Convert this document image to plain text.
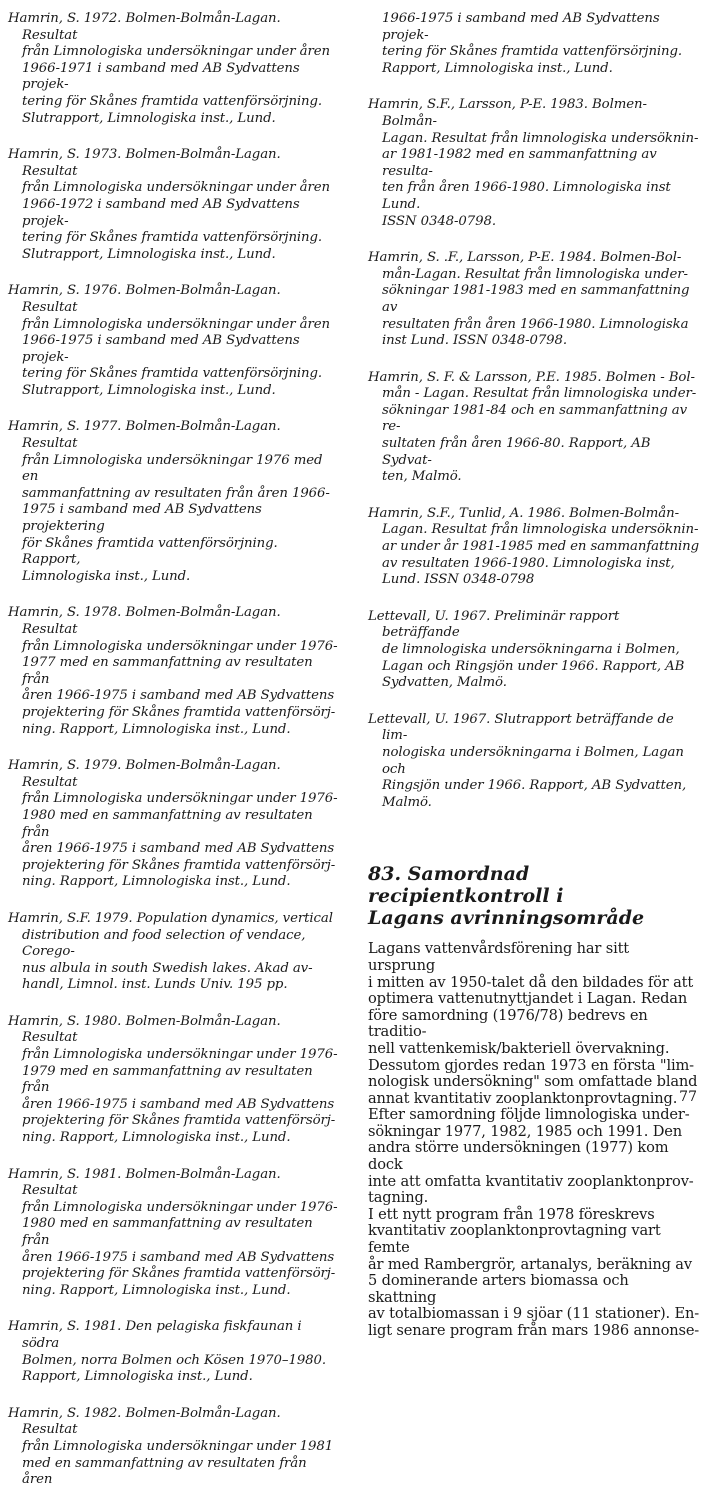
Hamrin, S. 1972. Bolmen-Bolmån-Lagan. Resultat
från Limnologiska undersökningar under åren
1966-1971 i samband med AB Sydvattens projek-
tering för Skånes framtida vattenförsörjning.
Slutrapport, Limnologiska inst., Lund.

Hamrin, S. 1973. Bolmen-Bolmån-Lagan. Resultat
från Limnologiska undersökningar under åren
1966-1972 i samband med AB Sydvattens projek-
tering för Skånes framtida vattenförsörjning.
Slutrapport, Limnologiska inst., Lund.

Hamrin, S. 1976. Bolmen-Bolmån-Lagan. Resultat
från Limnologiska undersökningar under åren
1966-1975 i samband med AB Sydvattens projek-
tering för Skånes framtida vattenförsörjning.
Slutrapport, Limnologiska inst., Lund.

Hamrin, S. 1977. Bolmen-Bolmån-Lagan. Resultat
från Limnologiska undersökningar 1976 med en
sammanfattning av resultaten från åren 1966-
1975 i samband med AB Sydvattens projektering
för Skånes framtida vattenförsörjning. Rapport,
Limnologiska inst., Lund.

Hamrin, S. 1978. Bolmen-Bolmån-Lagan. Resultat
från Limnologiska undersökningar under 1976-
1977 med en sammanfattning av resultaten från
åren 1966-1975 i samband med AB Sydvattens
projektering för Skånes framtida vattenförsörj-
ning. Rapport, Limnologiska inst., Lund.

Hamrin, S. 1979. Bolmen-Bolmån-Lagan. Resultat
från Limnologiska undersökningar under 1976-
1980 med en sammanfattning av resultaten från
åren 1966-1975 i samband med AB Sydvattens
projektering för Skånes framtida vattenförsörj-
ning. Rapport, Limnologiska inst., Lund.

Hamrin, S.F. 1979. Population dynamics, vertical
distribution and food selection of vendace, Corego-
nus albula in south Swedish lakes. Akad av-
handl, Limnol. inst. Lunds Univ. 195 pp.

Hamrin, S. 1980. Bolmen-Bolmån-Lagan. Resultat
från Limnologiska undersökningar under 1976-
1979 med en sammanfattning av resultaten från
åren 1966-1975 i samband med AB Sydvattens
projektering för Skånes framtida vattenförsörj-
ning. Rapport, Limnologiska inst., Lund.

Hamrin, S. 1981. Bolmen-Bolmån-Lagan. Resultat
från Limnologiska undersökningar under 1976-
1980 med en sammanfattning av resultaten från
åren 1966-1975 i samband med AB Sydvattens
projektering för Skånes framtida vattenförsörj-
ning. Rapport, Limnologiska inst., Lund.

Hamrin, S. 1981. Den pelagiska fiskfaunan i södra
Bolmen, norra Bolmen och Kösen 1970–1980.
Rapport, Limnologiska inst., Lund.

Hamrin, S. 1982. Bolmen-Bolmån-Lagan. Resultat
från Limnologiska undersökningar under 1981
med en sammanfattning av resultaten från åren

1966-1975 i samband med AB Sydvattens projek-
tering för Skånes framtida vattenförsörjning.
Rapport, Limnologiska inst., Lund.

Hamrin, S.F., Larsson, P-E. 1983. Bolmen-Bolmån-
Lagan. Resultat från limnologiska undersöknin-
ar 1981-1982 med en sammanfattning av resulta-
ten från åren 1966-1980. Limnologiska inst Lund.
ISSN 0348-0798.

Hamrin, S. .F., Larsson, P-E. 1984. Bolmen-Bol-
mån-Lagan. Resultat från limnologiska under-
sökningar 1981-1983 med en sammanfattning av
resultaten från åren 1966-1980. Limnologiska
inst Lund. ISSN 0348-0798.

Hamrin, S. F. & Larsson, P.E. 1985. Bolmen - Bol-
mån - Lagan. Resultat från limnologiska under-
sökningar 1981-84 och en sammanfattning av re-
sultaten från åren 1966-80. Rapport, AB Sydvat-
ten, Malmö.

Hamrin, S.F., Tunlid, A. 1986. Bolmen-Bolmån-
Lagan. Resultat från limnologiska undersöknin-
ar under år 1981-1985 med en sammanfattning
av resultaten 1966-1980. Limnologiska inst,
Lund. ISSN 0348-0798

Lettevall, U. 1967. Preliminär rapport beträffande
de limnologiska undersökningarna i Bolmen,
Lagan och Ringsjön under 1966. Rapport, AB
Sydvatten, Malmö.

Lettevall, U. 1967. Slutrapport beträffande de lim-
nologiska undersökningarna i Bolmen, Lagan och
Ringsjön under 1966. Rapport, AB Sydvatten,
Malmö.

83. Samordnad recipientkontroll i
Lagans avrinningsområde

Lagans vattenvårdsförening har sitt ursprung
i mitten av 1950-talet då den bildades för att
optimera vattenutnyttjandet i Lagan. Redan
före samordning (1976/78) bedrevs en traditio-
nell vattenkemisk/bakteriell övervakning.
Dessutom gjordes redan 1973 en första "lim-
nologisk undersökning" som omfattade bland
annat kvantitativ zooplanktonprovtagning.
Efter samordning följde limnologiska under-
sökningar 1977, 1982, 1985 och 1991. Den
andra större undersökningen (1977) kom dock
inte att omfatta kvantitativ zooplanktonprov-
tagning.

I ett nytt program från 1978 föreskrevs
kvantitativ zooplanktonprovtagning vart femte
år med Rambergrör, artanalys, beräkning av
5 dominerande arters biomassa och skattning
av totalbiomassan i 9 sjöar (11 stationer). En-
ligt senare program från mars 1986 annonse-

77
